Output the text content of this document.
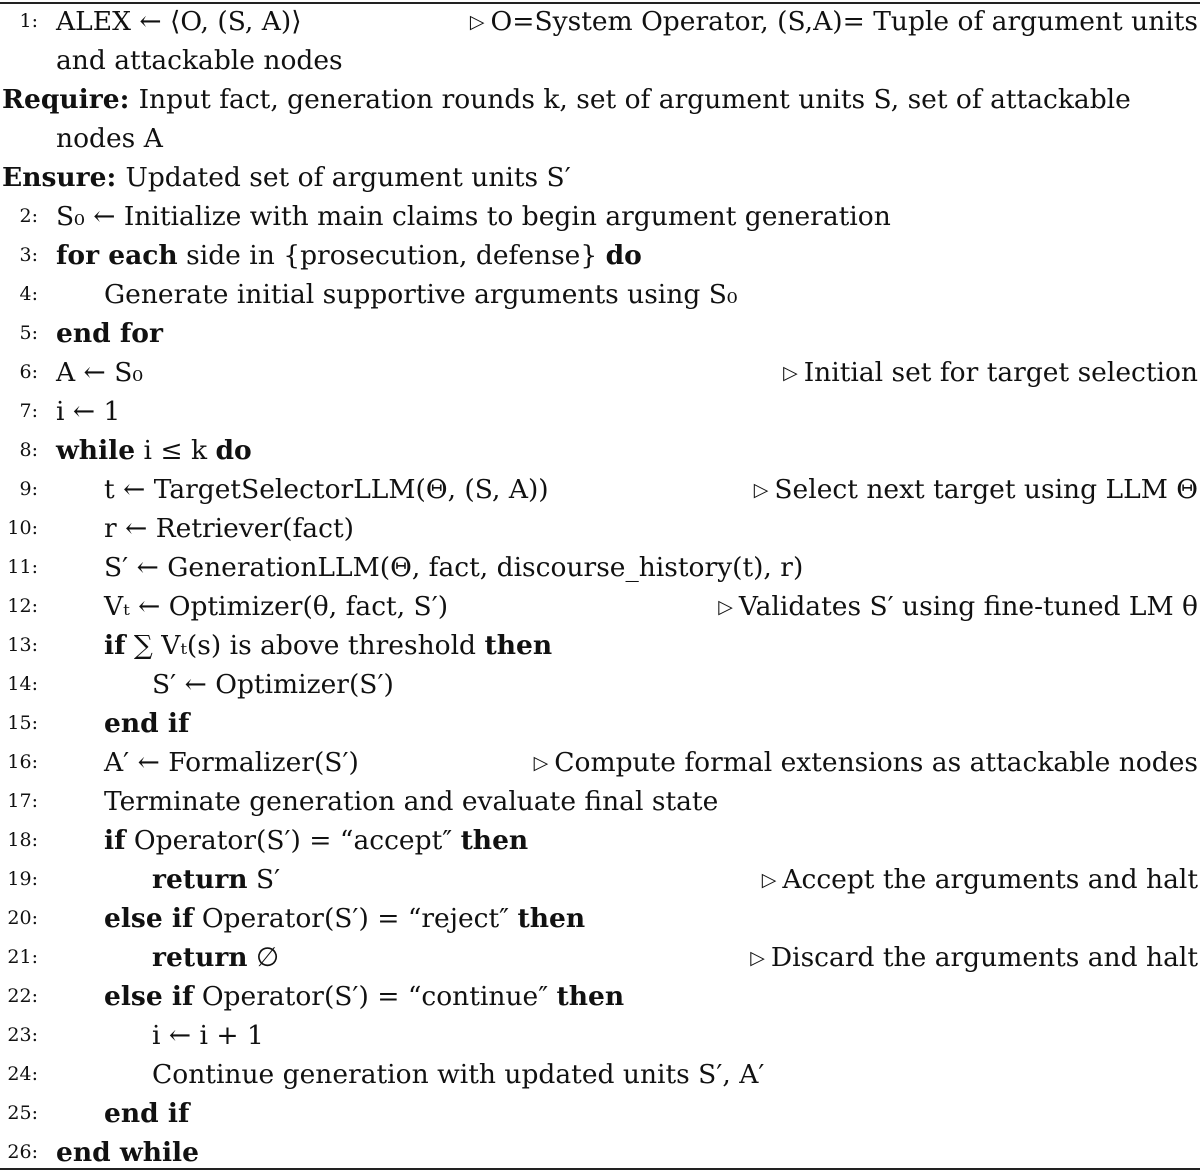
1: ALEX ← ⟨O, (S, A)⟩	▷ O=System Operator, (S,A)= Tuple of argument units
and attackable nodes
Require: Input fact, generation rounds k, set of argument units S, set of attackable
nodes A
Ensure: Updated set of argument units S′
2: S₀ ← Initialize with main claims to begin argument generation
3: for each side in {prosecution, defense} do
4: Generate initial supportive arguments using S₀
5: end for
6: A ← S₀	▷ Initial set for target selection
7: i ← 1
8: while i ≤ k do
9: t ← TargetSelectorLLM(Θ, (S, A))	▷ Select next target using LLM Θ
10: r ← Retriever(fact)
11: S′ ← GenerationLLM(Θ, fact, discourse_history(t), r)
12: Vₜ ← Optimizer(θ, fact, S′)	▷ Validates S′ using fine-tuned LM θ
13: if ∑ Vₜ(s) is above threshold then
14:	S′ ← Optimizer(S′)
15: end if
16: A′ ← Formalizer(S′)	▷ Compute formal extensions as attackable nodes
17: Terminate generation and evaluate final state
18: if Operator(S′) = “accept″ then
19:	return S′	▷ Accept the arguments and halt
20: else if Operator(S′) = “reject″ then
21:	return ∅	▷ Discard the arguments and halt
22: else if Operator(S′) = “continue″ then
23:	i ← i + 1
24:	Continue generation with updated units S′, A′
25: end if
26: end while
